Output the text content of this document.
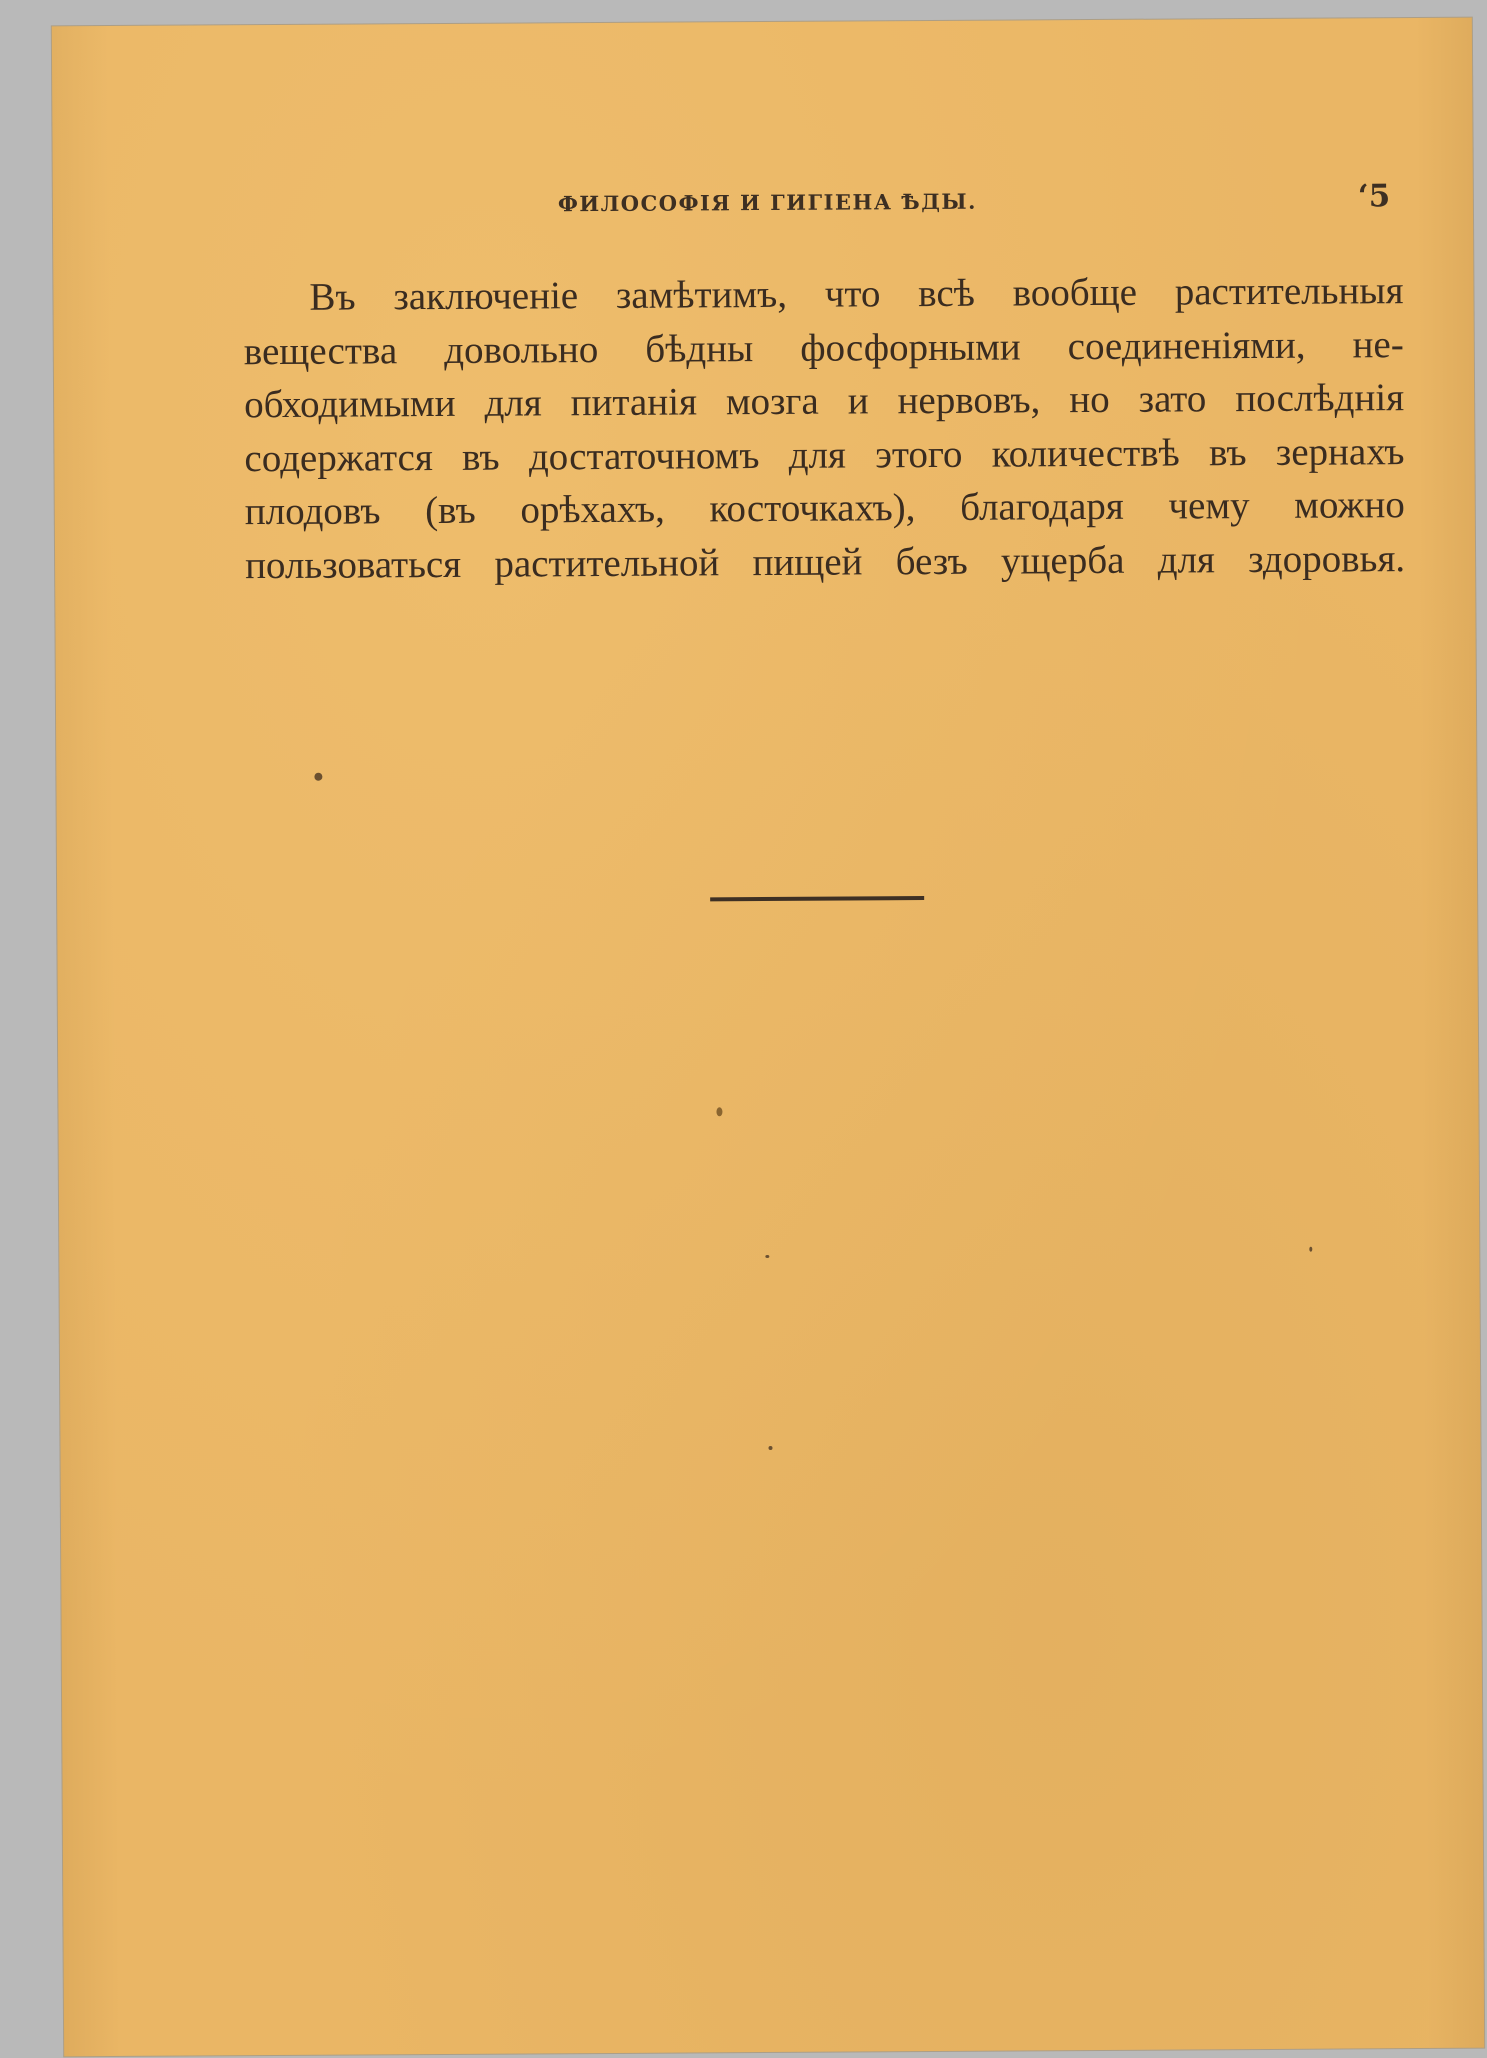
ФИЛОСОФІЯ И ГИГІЕНА ѢДЫ.	‘5
Въ заключеніе замѣтимъ, что всѣ вообще растительныя
вещества довольно бѣдны фосфорными соединеніями, не-
обходимыми для питанія мозга и нервовъ, но зато послѣднія
содержатся въ достаточномъ для этого количествѣ въ зернахъ
плодовъ (въ орѣхахъ, косточкахъ), благодаря чему можно
пользоваться растительной пищей безъ ущерба для здоровья.
